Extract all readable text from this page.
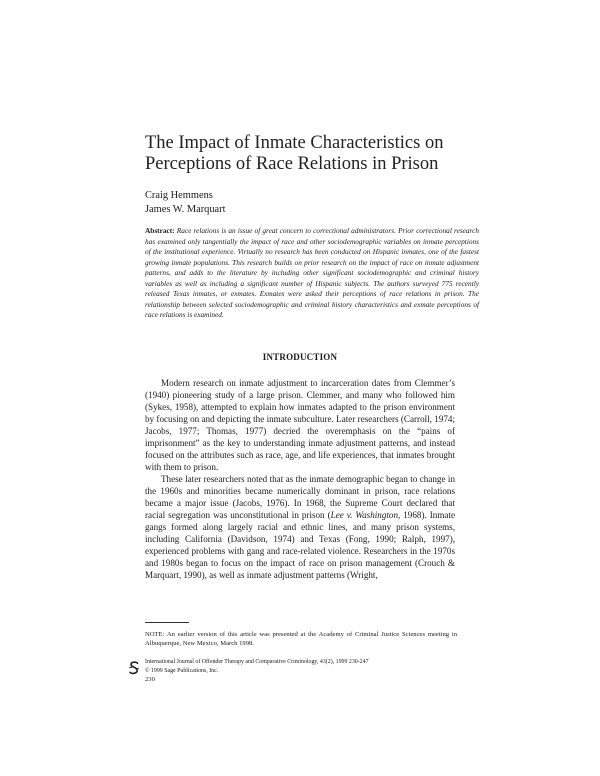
The Impact of Inmate Characteristics on
Perceptions of Race Relations in Prison
Craig Hemmens
James W. Marquart
Abstract: Race relations is an issue of great concern to correctional administrators. Prior correctional research has examined only tangentially the impact of race and other sociodemographic variables on inmate perceptions of the institutional experience. Virtually no research has been conducted on Hispanic inmates, one of the fastest growing inmate populations. This research builds on prior research on the impact of race on inmate adjustment patterns, and adds to the literature by including other significant sociodemographic and criminal history variables as well as including a significant number of Hispanic subjects. The authors surveyed 775 recently released Texas inmates, or exmates. Exmates were asked their perceptions of race relations in prison. The relationship between selected sociodemographic and criminal history characteristics and exmate perceptions of race relations is examined.
INTRODUCTION

Modern research on inmate adjustment to incarceration dates from Clemmer’s (1940) pioneering study of a large prison. Clemmer, and many who followed him (Sykes, 1958), attempted to explain how inmates adapted to the prison environment by focusing on and depicting the inmate subculture. Later researchers (Carroll, 1974; Jacobs, 1977; Thomas, 1977) decried the overemphasis on the “pains of imprisonment” as the key to understanding inmate adjustment patterns, and instead focused on the attributes such as race, age, and life experiences, that inmates brought with them to prison.

These later researchers noted that as the inmate demographic began to change in the 1960s and minorities became numerically dominant in prison, race relations became a major issue (Jacobs, 1976). In 1968, the Supreme Court declared that racial segregation was unconstitutional in prison (Lee v. Washington, 1968). Inmate gangs formed along largely racial and ethnic lines, and many prison systems, including California (Davidson, 1974) and Texas (Fong, 1990; Ralph, 1997), experienced problems with gang and race-related violence. Researchers in the 1970s and 1980s began to focus on the impact of race on prison management (Crouch & Marquart, 1990), as well as inmate adjustment patterns (Wright,

NOTE: An earlier version of this article was presented at the Academy of Criminal Justice Sciences meeting in Albuquerque, New Mexico, March 1998.
International Journal of Offender Therapy and Comparative Criminology, 43(2), 1999 230-247
© 1999 Sage Publications, Inc.
230
